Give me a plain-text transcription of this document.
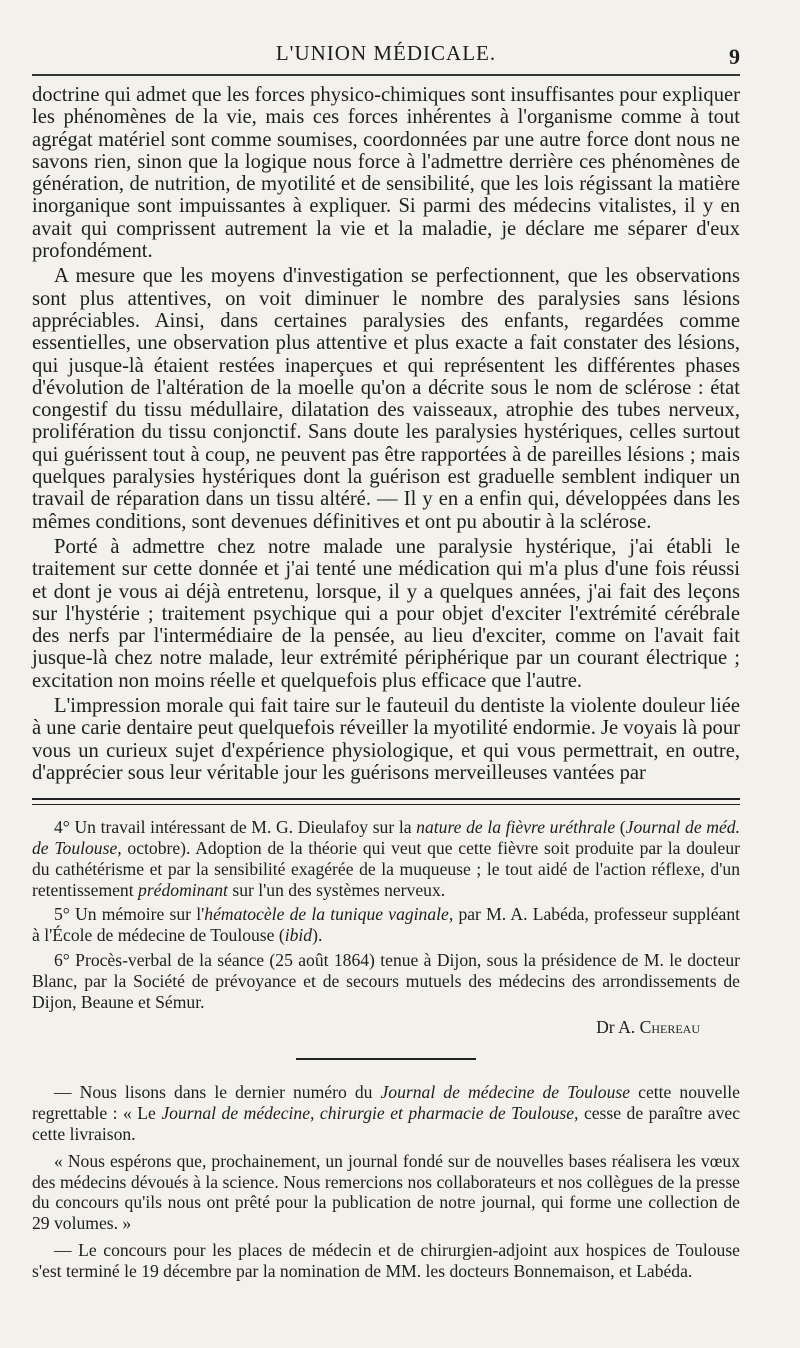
L'UNION MÉDICALE.	9

doctrine qui admet que les forces physico-chimiques sont insuffisantes pour expliquer les phénomènes de la vie, mais ces forces inhérentes à l'organisme comme à tout agrégat matériel sont comme soumises, coordonnées par une autre force dont nous ne savons rien, sinon que la logique nous force à l'admettre derrière ces phénomènes de génération, de nutrition, de myotilité et de sensibilité, que les lois régissant la matière inorganique sont impuissantes à expliquer. Si parmi des médecins vitalistes, il y en avait qui comprissent autrement la vie et la maladie, je déclare me séparer d'eux profondément.

A mesure que les moyens d'investigation se perfectionnent, que les observations sont plus attentives, on voit diminuer le nombre des paralysies sans lésions appréciables. Ainsi, dans certaines paralysies des enfants, regardées comme essentielles, une observation plus attentive et plus exacte a fait constater des lésions, qui jusque-là étaient restées inaperçues et qui représentent les différentes phases d'évolution de l'altération de la moelle qu'on a décrite sous le nom de sclérose : état congestif du tissu médullaire, dilatation des vaisseaux, atrophie des tubes nerveux, prolifération du tissu conjonctif. Sans doute les paralysies hystériques, celles surtout qui guérissent tout à coup, ne peuvent pas être rapportées à de pareilles lésions ; mais quelques paralysies hystériques dont la guérison est graduelle semblent indiquer un travail de réparation dans un tissu altéré. — Il y en a enfin qui, développées dans les mêmes conditions, sont devenues définitives et ont pu aboutir à la sclérose.

Porté à admettre chez notre malade une paralysie hystérique, j'ai établi le traitement sur cette donnée et j'ai tenté une médication qui m'a plus d'une fois réussi et dont je vous ai déjà entretenu, lorsque, il y a quelques années, j'ai fait des leçons sur l'hystérie ; traitement psychique qui a pour objet d'exciter l'extrémité cérébrale des nerfs par l'intermédiaire de la pensée, au lieu d'exciter, comme on l'avait fait jusque-là chez notre malade, leur extrémité périphérique par un courant électrique ; excitation non moins réelle et quelquefois plus efficace que l'autre.

L'impression morale qui fait taire sur le fauteuil du dentiste la violente douleur liée à une carie dentaire peut quelquefois réveiller la myotilité endormie. Je voyais là pour vous un curieux sujet d'expérience physiologique, et qui vous permettrait, en outre, d'apprécier sous leur véritable jour les guérisons merveilleuses vantées par

4° Un travail intéressant de M. G. Dieulafoy sur la nature de la fièvre uréthrale (Journal de méd. de Toulouse, octobre). Adoption de la théorie qui veut que cette fièvre soit produite par la douleur du cathétérisme et par la sensibilité exagérée de la muqueuse ; le tout aidé de l'action réflexe, d'un retentissement prédominant sur l'un des systèmes nerveux.

5° Un mémoire sur l'hématocèle de la tunique vaginale, par M. A. Labéda, professeur suppléant à l'École de médecine de Toulouse (ibid).

6° Procès-verbal de la séance (25 août 1864) tenue à Dijon, sous la présidence de M. le docteur Blanc, par la Société de prévoyance et de secours mutuels des médecins des arrondissements de Dijon, Beaune et Sémur.

Dr A. Chereau

— Nous lisons dans le dernier numéro du Journal de médecine de Toulouse cette nouvelle regrettable : « Le Journal de médecine, chirurgie et pharmacie de Toulouse, cesse de paraître avec cette livraison.

« Nous espérons que, prochainement, un journal fondé sur de nouvelles bases réalisera les vœux des médecins dévoués à la science. Nous remercions nos collaborateurs et nos collègues de la presse du concours qu'ils nous ont prêté pour la publication de notre journal, qui forme une collection de 29 volumes. »

— Le concours pour les places de médecin et de chirurgien-adjoint aux hospices de Toulouse s'est terminé le 19 décembre par la nomination de MM. les docteurs Bonnemaison, et Labéda.
